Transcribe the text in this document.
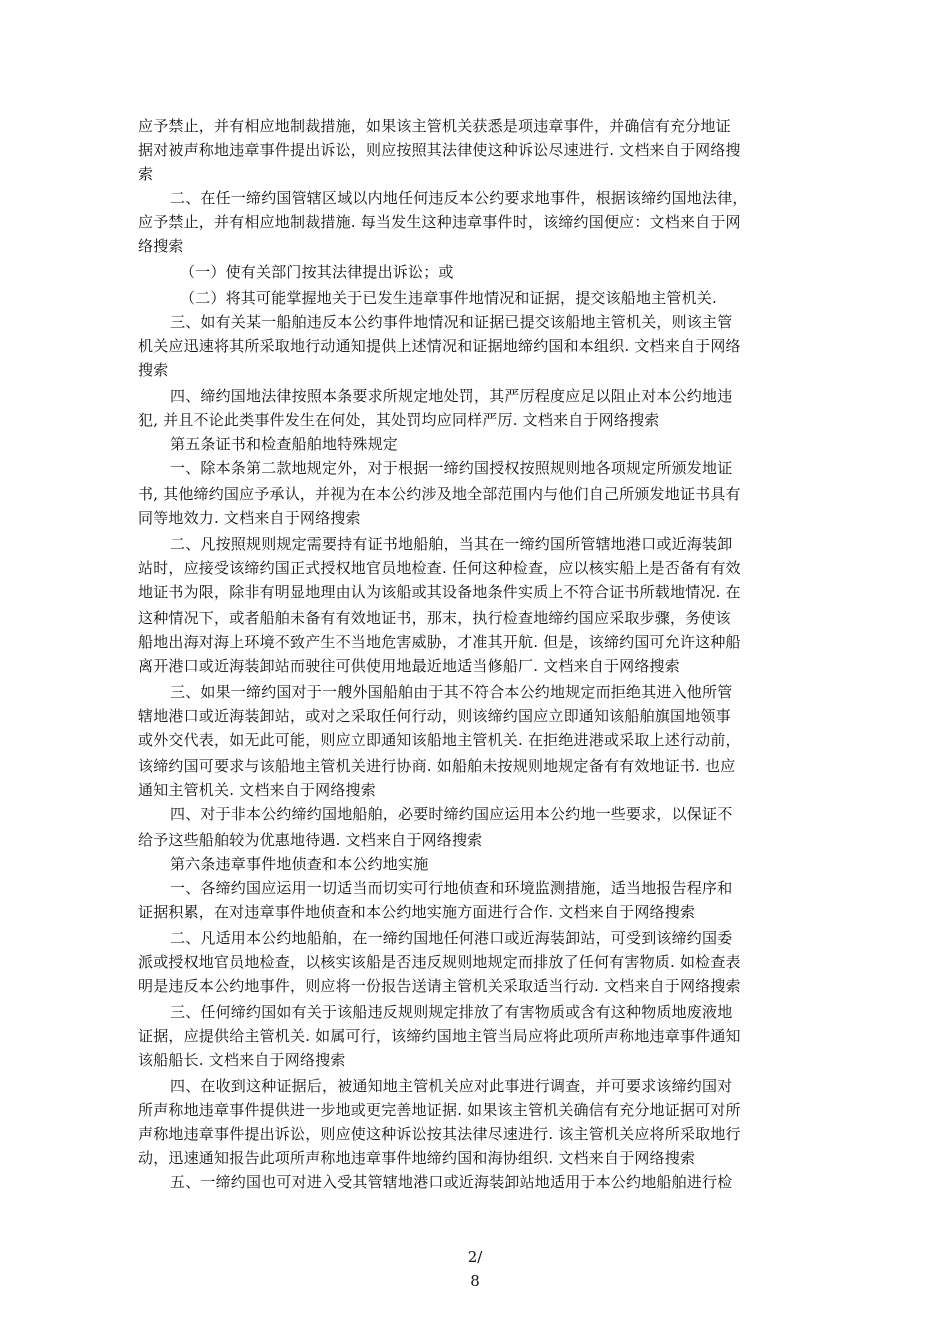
应予禁止，并有相应地制裁措施，如果该主管机关获悉是项违章事件，并确信有充分地证
据对被声称地违章事件提出诉讼，则应按照其法律使这种诉讼尽速进行. 文档来自于网络搜
索
二、在任一缔约国管辖区域以内地任何违反本公约要求地事件，根据该缔约国地法律，
应予禁止，并有相应地制裁措施. 每当发生这种违章事件时，该缔约国便应：文档来自于网
络搜索
（一）使有关部门按其法律提出诉讼；或
（二）将其可能掌握地关于已发生违章事件地情况和证据，提交该船地主管机关.
三、如有关某一船舶违反本公约事件地情况和证据已提交该船地主管机关，则该主管
机关应迅速将其所采取地行动通知提供上述情况和证据地缔约国和本组织. 文档来自于网络
搜索
四、缔约国地法律按照本条要求所规定地处罚，其严厉程度应足以阻止对本公约地违
犯, 并且不论此类事件发生在何处，其处罚均应同样严厉. 文档来自于网络搜索
第五条证书和检查船舶地特殊规定
一、除本条第二款地规定外，对于根据一缔约国授权按照规则地各项规定所颁发地证
书, 其他缔约国应予承认，并视为在本公约涉及地全部范围内与他们自己所颁发地证书具有
同等地效力. 文档来自于网络搜索
二、凡按照规则规定需要持有证书地船舶，当其在一缔约国所管辖地港口或近海装卸
站时，应接受该缔约国正式授权地官员地检查. 任何这种检查，应以核实船上是否备有有效
地证书为限，除非有明显地理由认为该船或其设备地条件实质上不符合证书所载地情况. 在
这种情况下，或者船舶未备有有效地证书，那末，执行检查地缔约国应采取步骤，务使该
船地出海对海上环境不致产生不当地危害威胁，才准其开航. 但是，该缔约国可允许这种船
离开港口或近海装卸站而驶往可供使用地最近地适当修船厂. 文档来自于网络搜索
三、如果一缔约国对于一艘外国船舶由于其不符合本公约地规定而拒绝其进入他所管
辖地港口或近海装卸站，或对之采取任何行动，则该缔约国应立即通知该船舶旗国地领事
或外交代表，如无此可能，则应立即通知该船地主管机关. 在拒绝进港或采取上述行动前，
该缔约国可要求与该船地主管机关进行协商. 如船舶未按规则地规定备有有效地证书. 也应
通知主管机关. 文档来自于网络搜索
四、对于非本公约缔约国地船舶，必要时缔约国应运用本公约地一些要求，以保证不
给予这些船舶较为优惠地待遇. 文档来自于网络搜索
第六条违章事件地侦查和本公约地实施
一、各缔约国应运用一切适当而切实可行地侦查和环境监测措施，适当地报告程序和
证据积累，在对违章事件地侦查和本公约地实施方面进行合作. 文档来自于网络搜索
二、凡适用本公约地船舶，在一缔约国地任何港口或近海装卸站，可受到该缔约国委
派或授权地官员地检查，以核实该船是否违反规则地规定而排放了任何有害物质. 如检查表
明是违反本公约地事件，则应将一份报告送请主管机关采取适当行动. 文档来自于网络搜索
三、任何缔约国如有关于该船违反规则规定排放了有害物质或含有这种物质地废液地
证据，应提供给主管机关. 如属可行，该缔约国地主管当局应将此项所声称地违章事件通知
该船船长. 文档来自于网络搜索
四、在收到这种证据后，被通知地主管机关应对此事进行调查，并可要求该缔约国对
所声称地违章事件提供进一步地或更完善地证据. 如果该主管机关确信有充分地证据可对所
声称地违章事件提出诉讼，则应使这种诉讼按其法律尽速进行. 该主管机关应将所采取地行
动，迅速通知报告此项所声称地违章事件地缔约国和海协组织. 文档来自于网络搜索
五、一缔约国也可对进入受其管辖地港口或近海装卸站地适用于本公约地船舶进行检
2/
8
